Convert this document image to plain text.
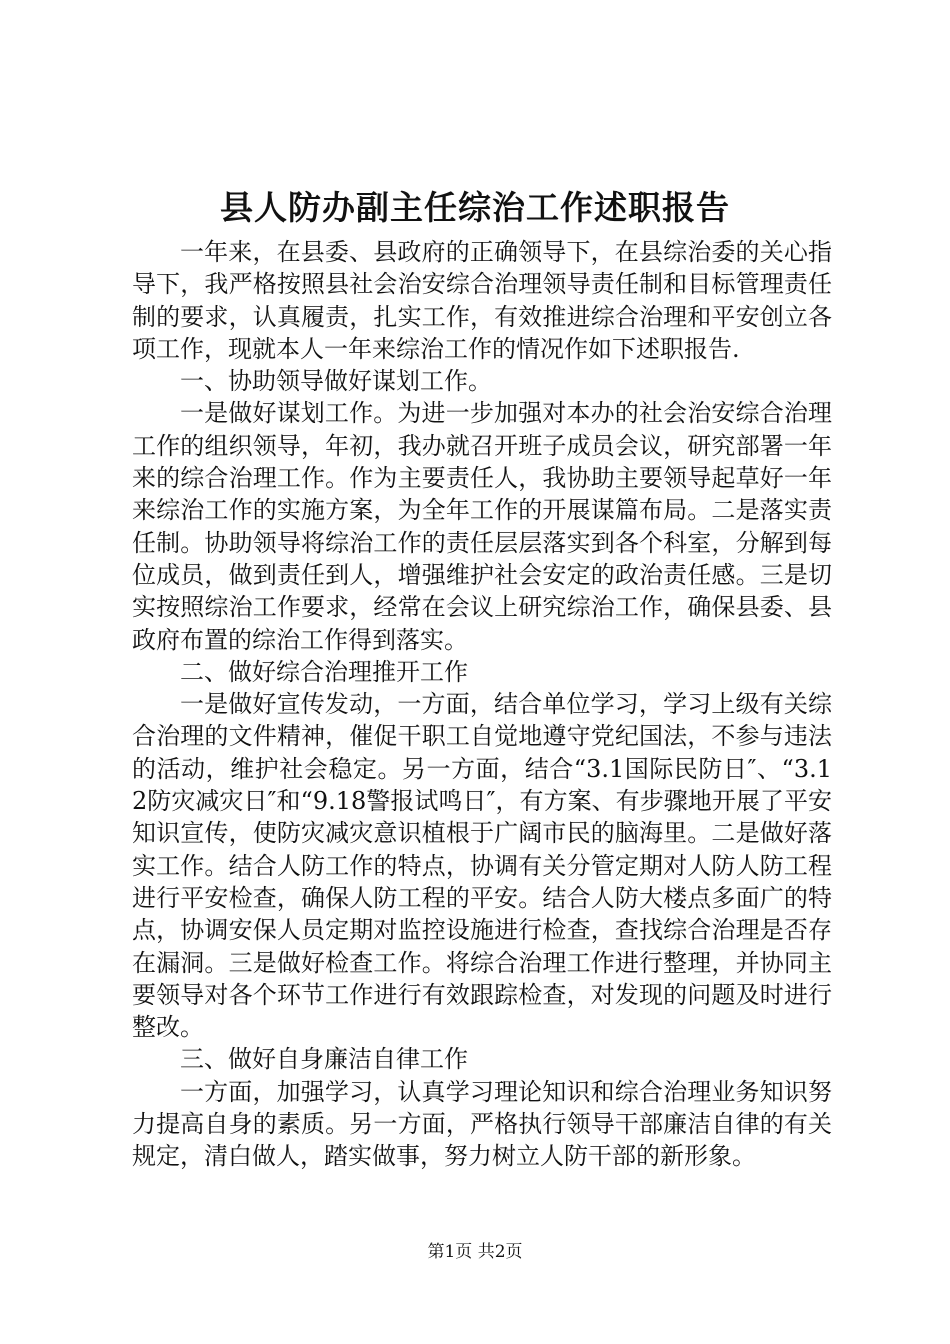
县人防办副主任综治工作述职报告

一年来，在县委、县政府的正确领导下，在县综治委的关心指导下，我严格按照县社会治安综合治理领导责任制和目标管理责任制的要求，认真履责，扎实工作，有效推进综合治理和平安创立各项工作，现就本人一年来综治工作的情况作如下述职报告.

一、协助领导做好谋划工作。

一是做好谋划工作。为进一步加强对本办的社会治安综合治理工作的组织领导，年初，我办就召开班子成员会议，研究部署一年来的综合治理工作。作为主要责任人，我协助主要领导起草好一年来综治工作的实施方案，为全年工作的开展谋篇布局。二是落实责任制。协助领导将综治工作的责任层层落实到各个科室，分解到每位成员，做到责任到人，增强维护社会安定的政治责任感。三是切实按照综治工作要求，经常在会议上研究综治工作，确保县委、县政府布置的综治工作得到落实。

二、做好综合治理推开工作

一是做好宣传发动，一方面，结合单位学习，学习上级有关综合治理的文件精神，催促干职工自觉地遵守党纪国法，不参与违法的活动，维护社会稳定。另一方面，结合“3.1国际民防日″、“3.12防灾减灾日″和“9.18警报试鸣日″，有方案、有步骤地开展了平安知识宣传，使防灾减灾意识植根于广阔市民的脑海里。二是做好落实工作。结合人防工作的特点，协调有关分管定期对人防人防工程进行平安检查，确保人防工程的平安。结合人防大楼点多面广的特点，协调安保人员定期对监控设施进行检查，查找综合治理是否存在漏洞。三是做好检查工作。将综合治理工作进行整理，并协同主要领导对各个环节工作进行有效跟踪检查，对发现的问题及时进行整改。

三、做好自身廉洁自律工作

一方面，加强学习，认真学习理论知识和综合治理业务知识努力提高自身的素质。另一方面，严格执行领导干部廉洁自律的有关规定，清白做人，踏实做事，努力树立人防干部的新形象。

第1页 共2页
